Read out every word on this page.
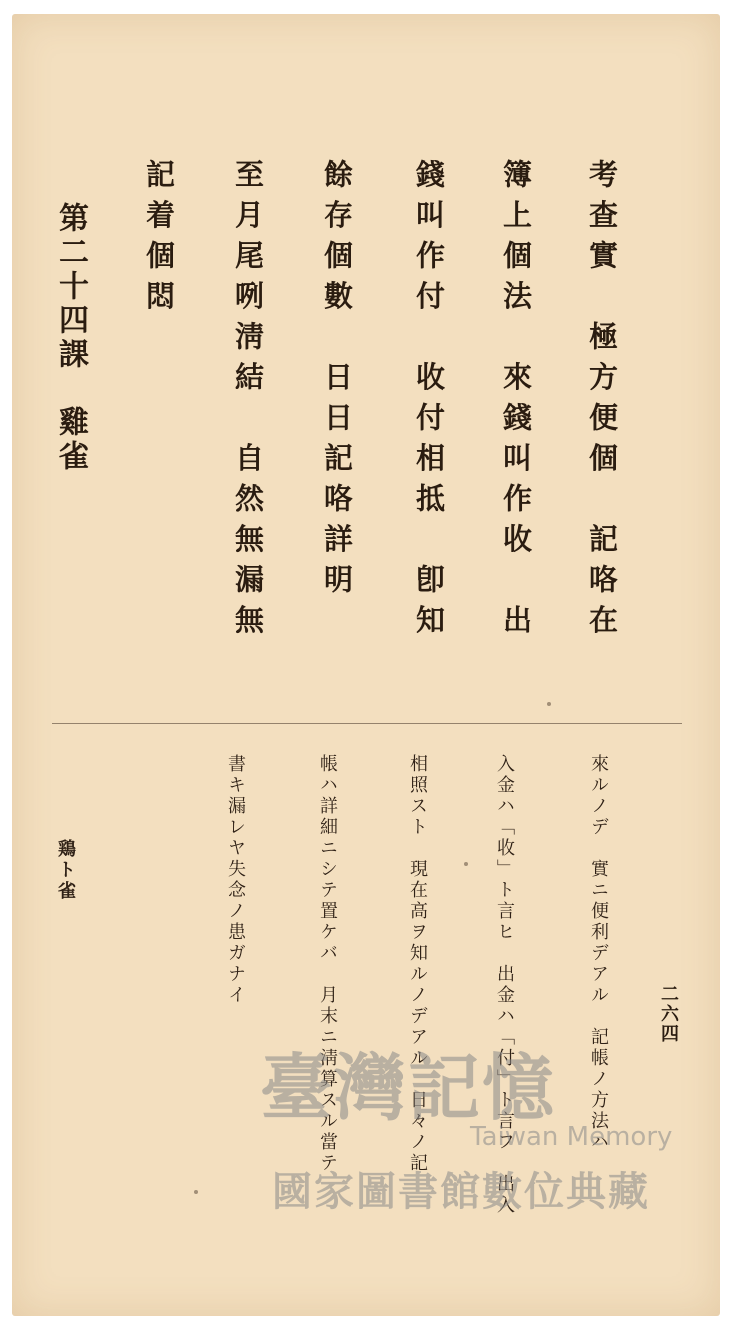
考查實　極方便個　記咯在
簿上個法　來錢叫作收　出
錢叫作付　收付相抵　卽知
餘存個數　日日記咯詳明
至月尾咧淸結　自然無漏無
記着個悶
第二十四課　雞雀
來ルノデ　實ニ便利デアル　記帳ノ方法ハ
入金ハ「收」ト言ヒ　出金ハ「付」ト言フ　出入
相照スト　現在高ヲ知ルノデアル　日々ノ記
帳ハ詳細ニシテ置ケバ　月末ニ淸算スル當テ
書キ漏レヤ失念ノ患ガナイ
鶏ト雀
二六四
臺灣記憶
Taiwan Memory
國家圖書館數位典藏
